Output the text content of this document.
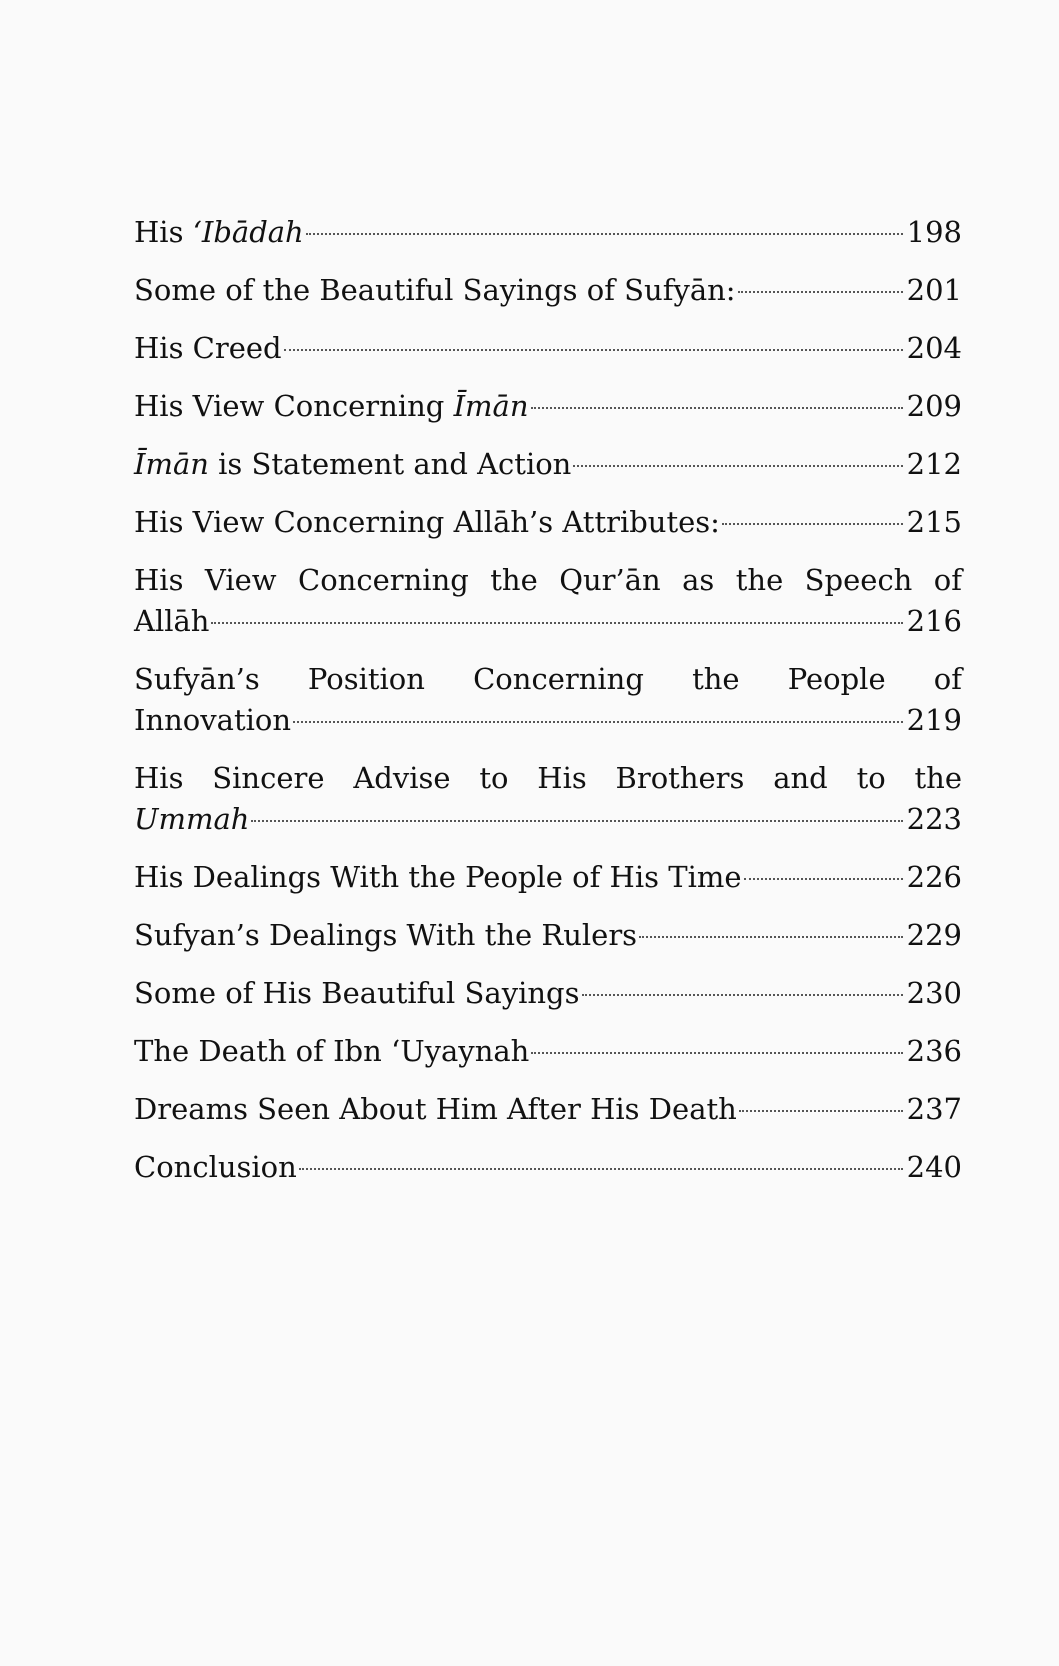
His ‘Ibādah	198
Some of the Beautiful Sayings of Sufyān:	201
His Creed	204
His View Concerning Īmān	209
Īmān is Statement and Action	212
His View Concerning Allāh’s Attributes:	215
His View Concerning the Qur’ān as the Speech of
Allāh	216
Sufyān’s Position Concerning the People of
Innovation	219
His Sincere Advise to His Brothers and to the
Ummah	223
His Dealings With the People of His Time	226
Sufyan’s Dealings With the Rulers	229
Some of His Beautiful Sayings	230
The Death of Ibn ‘Uyaynah	236
Dreams Seen About Him After His Death	237
Conclusion	240
